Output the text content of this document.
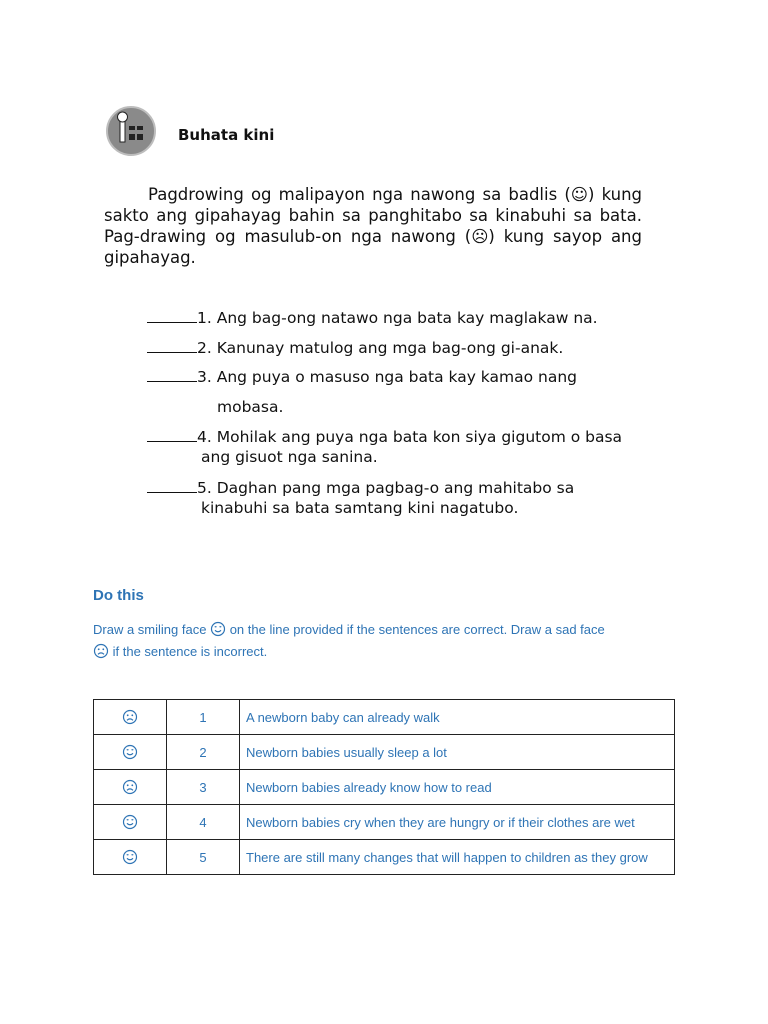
Buhata kini
Pagdrowing og malipayon nga nawong sa badlis (☺) kung sakto ang gipahayag bahin sa panghitabo sa kinabuhi sa bata. Pag-drawing og masulub-on nga nawong (☹) kung sayop ang gipahayag.
1. Ang bag-ong natawo nga bata kay maglakaw na.
2. Kanunay matulog ang mga bag-ong gi-anak.
3. Ang puya o masuso nga bata kay kamao nang
mobasa.
4. Mohilak ang puya nga bata kon siya gigutom o basa
ang gisuot nga sanina.
5. Daghan pang mga pagbag-o ang mahitabo sa
kinabuhi sa bata samtang kini nagatubo.
Do this
Draw a smiling face on the line provided if the sentences are correct. Draw a sad face
if the sentence is incorrect.
	1	A newborn baby can already walk
	2	Newborn babies usually sleep a lot
	3	Newborn babies already know how to read
	4	Newborn babies cry when they are hungry or if their clothes are wet
	5	There are still many changes that will happen to children as they grow
